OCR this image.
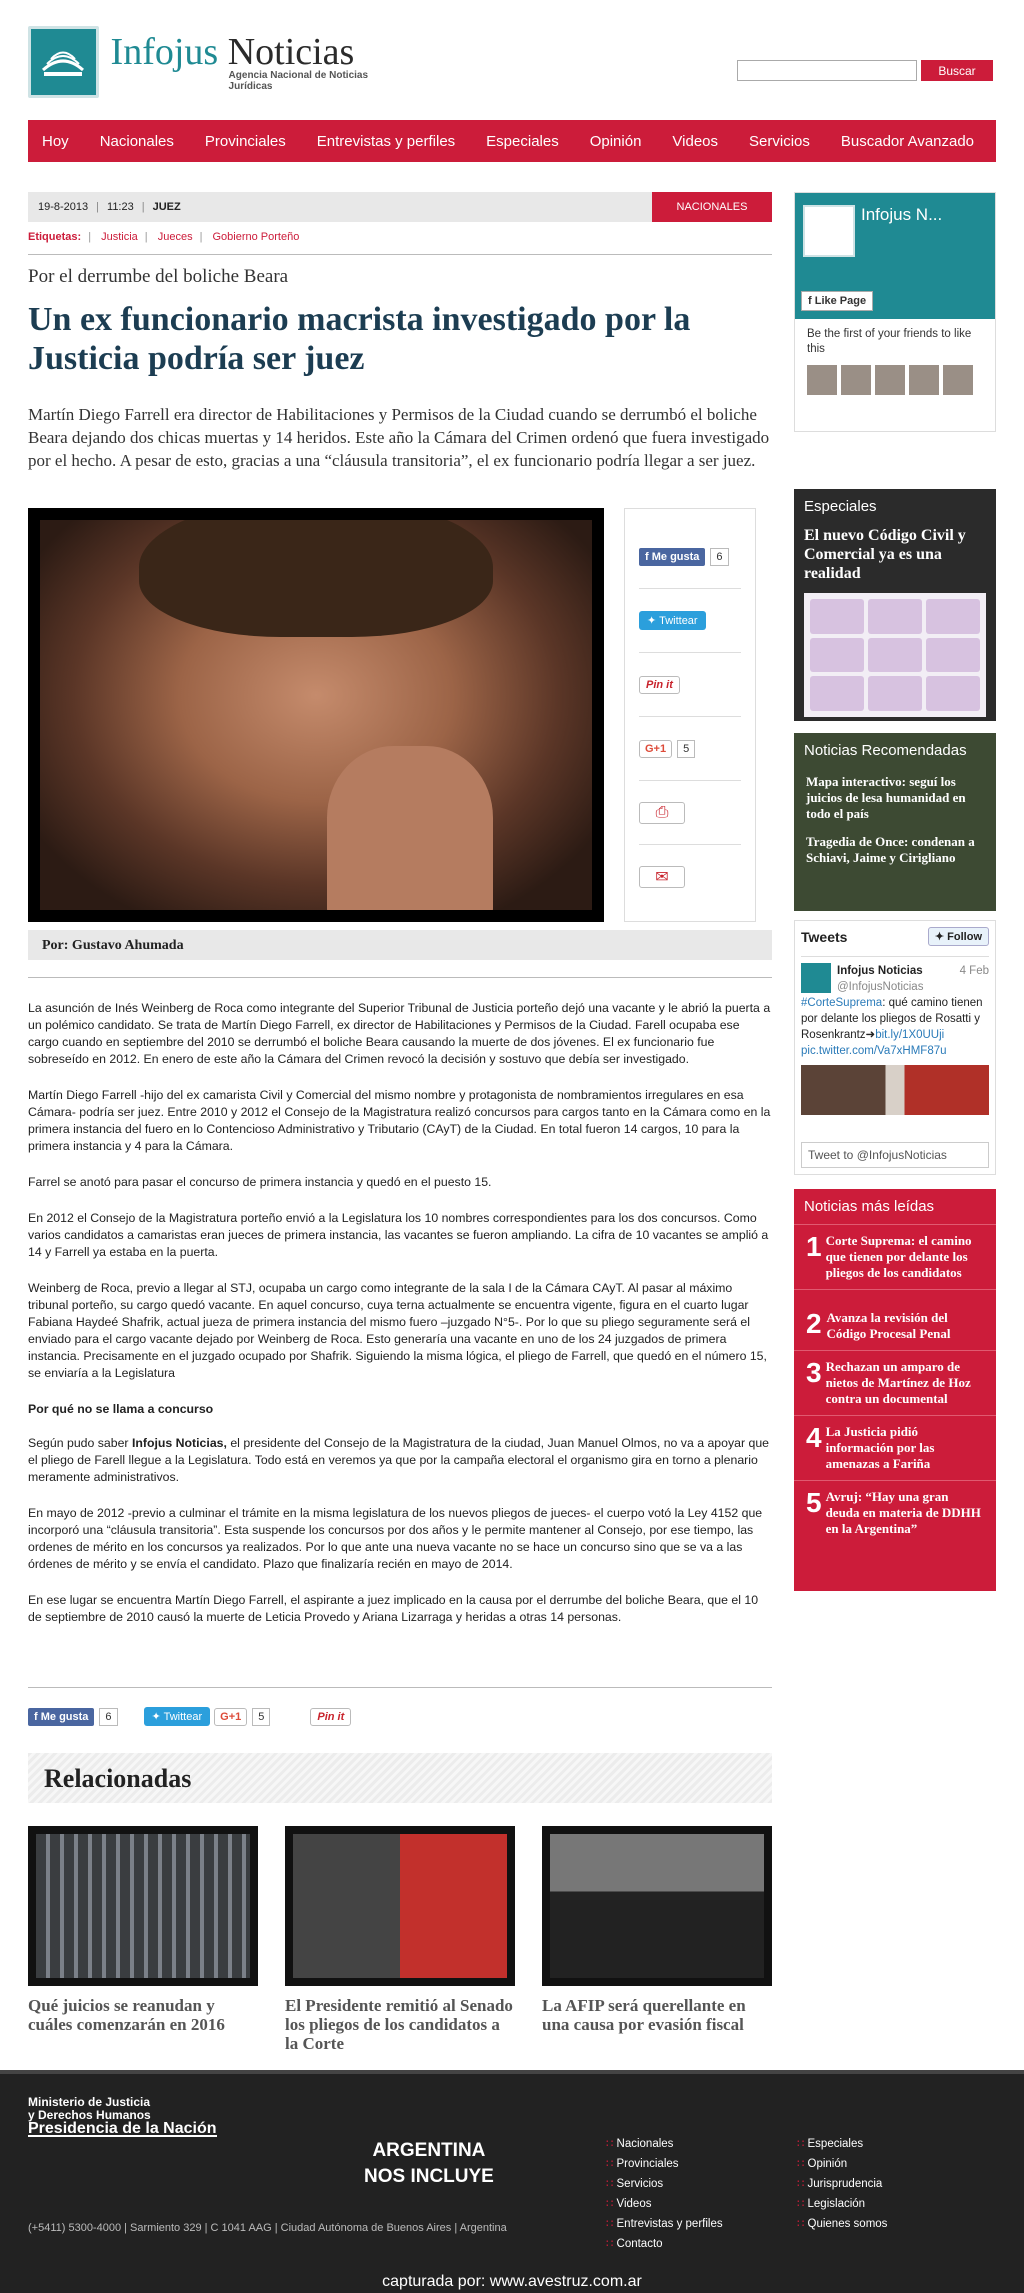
Infojus Noticias
Agencia Nacional de Noticias Jurídicas
Buscar
Hoy Nacionales Provinciales Entrevistas y perfiles Especiales Opinión Videos Servicios Buscador Avanzado
19-8-2013 | 11:23 | JUEZ	NACIONALES
Etiquetas: | Justicia | Jueces | Gobierno Porteño
Por el derrumbe del boliche Beara
Un ex funcionario macrista investigado por la Justicia podría ser juez

Martín Diego Farrell era director de Habilitaciones y Permisos de la Ciudad cuando se derrumbó el boliche Beara dejando dos chicas muertas y 14 heridos. Este año la Cámara del Crimen ordenó que fuera investigado por el hecho. A pesar de esto, gracias a una “cláusula transitoria”, el ex funcionario podría llegar a ser juez.

f Me gusta	6
✦ Twittear
Pin it
G+1	5
⎙
✉
Por: Gustavo Ahumada

La asunción de Inés Weinberg de Roca como integrante del Superior Tribunal de Justicia porteño dejó una vacante y le abrió la puerta a un polémico candidato. Se trata de Martín Diego Farrell, ex director de Habilitaciones y Permisos de la Ciudad. Farell ocupaba ese cargo cuando en septiembre del 2010 se derrumbó el boliche Beara causando la muerte de dos jóvenes. El ex funcionario fue sobreseído en 2012. En enero de este año la Cámara del Crimen revocó la decisión y sostuvo que debía ser investigado.

Martín Diego Farrell -hijo del ex camarista Civil y Comercial del mismo nombre y protagonista de nombramientos irregulares en esa Cámara- podría ser juez. Entre 2010 y 2012 el Consejo de la Magistratura realizó concursos para cargos tanto en la Cámara como en la primera instancia del fuero en lo Contencioso Administrativo y Tributario (CAyT) de la Ciudad. En total fueron 14 cargos, 10 para la primera instancia y 4 para la Cámara.

Farrel se anotó para pasar el concurso de primera instancia y quedó en el puesto 15.

En 2012 el Consejo de la Magistratura porteño envió a la Legislatura los 10 nombres correspondientes para los dos concursos. Como varios candidatos a camaristas eran jueces de primera instancia, las vacantes se fueron ampliando. La cifra de 10 vacantes se amplió a 14 y Farrell ya estaba en la puerta.

Weinberg de Roca, previo a llegar al STJ, ocupaba un cargo como integrante de la sala I de la Cámara CAyT. Al pasar al máximo tribunal porteño, su cargo quedó vacante. En aquel concurso, cuya terna actualmente se encuentra vigente, figura en el cuarto lugar Fabiana Haydeé Shafrik, actual jueza de primera instancia del mismo fuero –juzgado N°5-. Por lo que su pliego seguramente será el enviado para el cargo vacante dejado por Weinberg de Roca. Esto generaría una vacante en uno de los 24 juzgados de primera instancia. Precisamente en el juzgado ocupado por Shafrik. Siguiendo la misma lógica, el pliego de Farrell, que quedó en el número 15, se enviaría a la Legislatura

Por qué no se llama a concurso

Según pudo saber Infojus Noticias, el presidente del Consejo de la Magistratura de la ciudad, Juan Manuel Olmos, no va a apoyar que el pliego de Farell llegue a la Legislatura. Todo está en veremos ya que por la campaña electoral el organismo gira en torno a plenario meramente administrativos.

En mayo de 2012 -previo a culminar el trámite en la misma legislatura de los nuevos pliegos de jueces- el cuerpo votó la Ley 4152 que incorporó una “cláusula transitoria”. Esta suspende los concursos por dos años y le permite mantener al Consejo, por ese tiempo, las ordenes de mérito en los concursos ya realizados. Por lo que ante una nueva vacante no se hace un concurso sino que se va a las órdenes de mérito y se envía el candidato. Plazo que finalizaría recién en mayo de 2014.

En ese lugar se encuentra Martín Diego Farrell, el aspirante a juez implicado en la causa por el derrumbe del boliche Beara, que el 10 de septiembre de 2010 causó la muerte de Leticia Provedo y Ariana Lizarraga y heridas a otras 14 personas.

f Me gusta	6	✦ Twittear	G+1	5	Pin it
Relacionadas
Qué juicios se reanudan y cuáles comenzarán en 2016
El Presidente remitió al Senado los pliegos de los candidatos a la Corte
La AFIP será querellante en una causa por evasión fiscal
Infojus N...
f Like Page
Be the first of your friends to like this
Especiales
El nuevo Código Civil y Comercial ya es una realidad
Noticias Recomendadas
Mapa interactivo: seguí los juicios de lesa humanidad en todo el país
Tragedia de Once: condenan a Schiavi, Jaime y Cirigliano
Tweets	✦ Follow
Infojus Noticias	4 Feb
@InfojusNoticias
#CorteSuprema: qué camino tienen por delante los pliegos de Rosatti y Rosenkrantz➜bit.ly/1X0UUji
pic.twitter.com/Va7xHMF87u
Tweet to @InfojusNoticias
Noticias más leídas
1 Corte Suprema: el camino que tienen por delante los pliegos de los candidatos
2 Avanza la revisión del Código Procesal Penal
3 Rechazan un amparo de nietos de Martínez de Hoz contra un documental
4 La Justicia pidió información por las amenazas a Fariña
5 Avruj: “Hay una gran deuda en materia de DDHH en la Argentina”
Ministerio de Justicia y Derechos Humanos
Presidencia de la Nación
ARGENTINA
NOS INCLUYE
(+5411) 5300-4000 | Sarmiento 329 | C 1041 AAG | Ciudad Autónoma de Buenos Aires | Argentina
∷ Nacionales
∷ Provinciales
∷ Servicios
∷ Videos
∷ Entrevistas y perfiles
∷ Contacto
∷ Especiales
∷ Opinión
∷ Jurisprudencia
∷ Legislación
∷ Quienes somos
capturada por: www.avestruz.com.ar
